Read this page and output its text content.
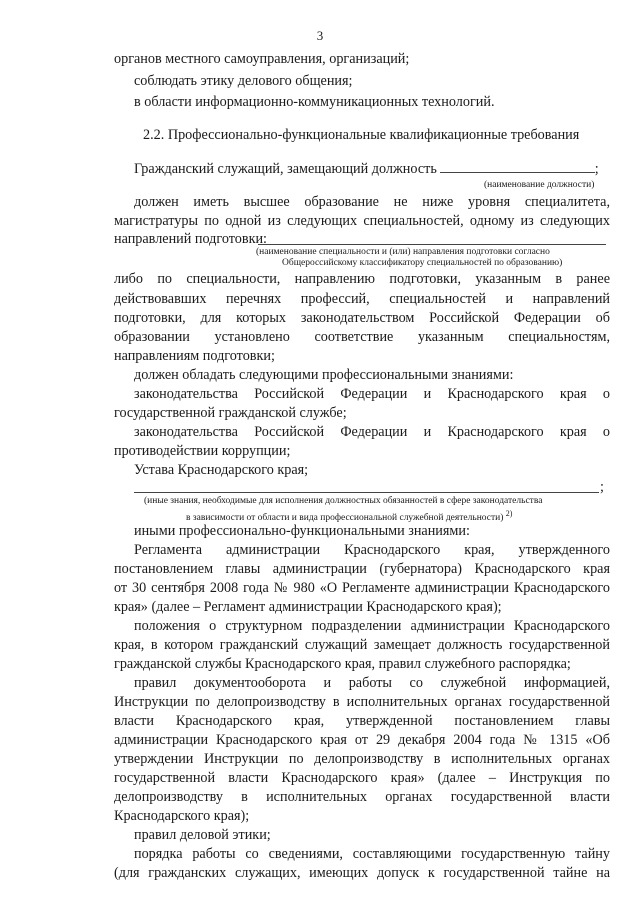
3
органов местного самоуправления, организаций;
соблюдать этику делового общения;
в области информационно-коммуникационных технологий.
2.2. Профессионально-функциональные квалификационные требования
Гражданский служащий, замещающий должность	;
(наименование должности)
должен иметь высшее образование не ниже уровня специалитета,
магистратуры по одной из следующих специальностей, одному из следующих
направлений подготовки:
(наименование специальности и (или) направления подготовки согласно
Общероссийскому классификатору специальностей по образованию)
либо по специальности, направлению подготовки, указанным в ранее
действовавших перечнях профессий, специальностей и направлений
подготовки, для которых законодательством Российской Федерации об
образовании установлено соответствие указанным специальностям,
направлениям подготовки;
должен обладать следующими профессиональными знаниями:
законодательства Российской Федерации и Краснодарского края о
государственной гражданской службе;
законодательства Российской Федерации и Краснодарского края о
противодействии коррупции;
Устава Краснодарского края;
;
(иные знания, необходимые для исполнения должностных обязанностей в сфере законодательства
в зависимости от области и вида профессиональной служебной деятельности) $^{2)}$
иными профессионально-функциональными знаниями:
Регламента администрации Краснодарского края, утвержденного
постановлением главы администрации (губернатора) Краснодарского края
от 30 сентября 2008 года № 980 «О Регламенте администрации Краснодарского
края» (далее – Регламент администрации Краснодарского края);
положения о структурном подразделении администрации Краснодарского
края, в котором гражданский служащий замещает должность государственной
гражданской службы Краснодарского края, правил служебного распорядка;
правил документооборота и работы со служебной информацией,
Инструкции по делопроизводству в исполнительных органах государственной
власти Краснодарского края, утвержденной постановлением главы
администрации Краснодарского края от 29 декабря 2004 года № 1315 «Об
утверждении Инструкции по делопроизводству в исполнительных органах
государственной власти Краснодарского края» (далее – Инструкция по
делопроизводству в исполнительных органах государственной власти
Краснодарского края);
правил деловой этики;
порядка работы со сведениями, составляющими государственную тайну
(для гражданских служащих, имеющих допуск к государственной тайне на
